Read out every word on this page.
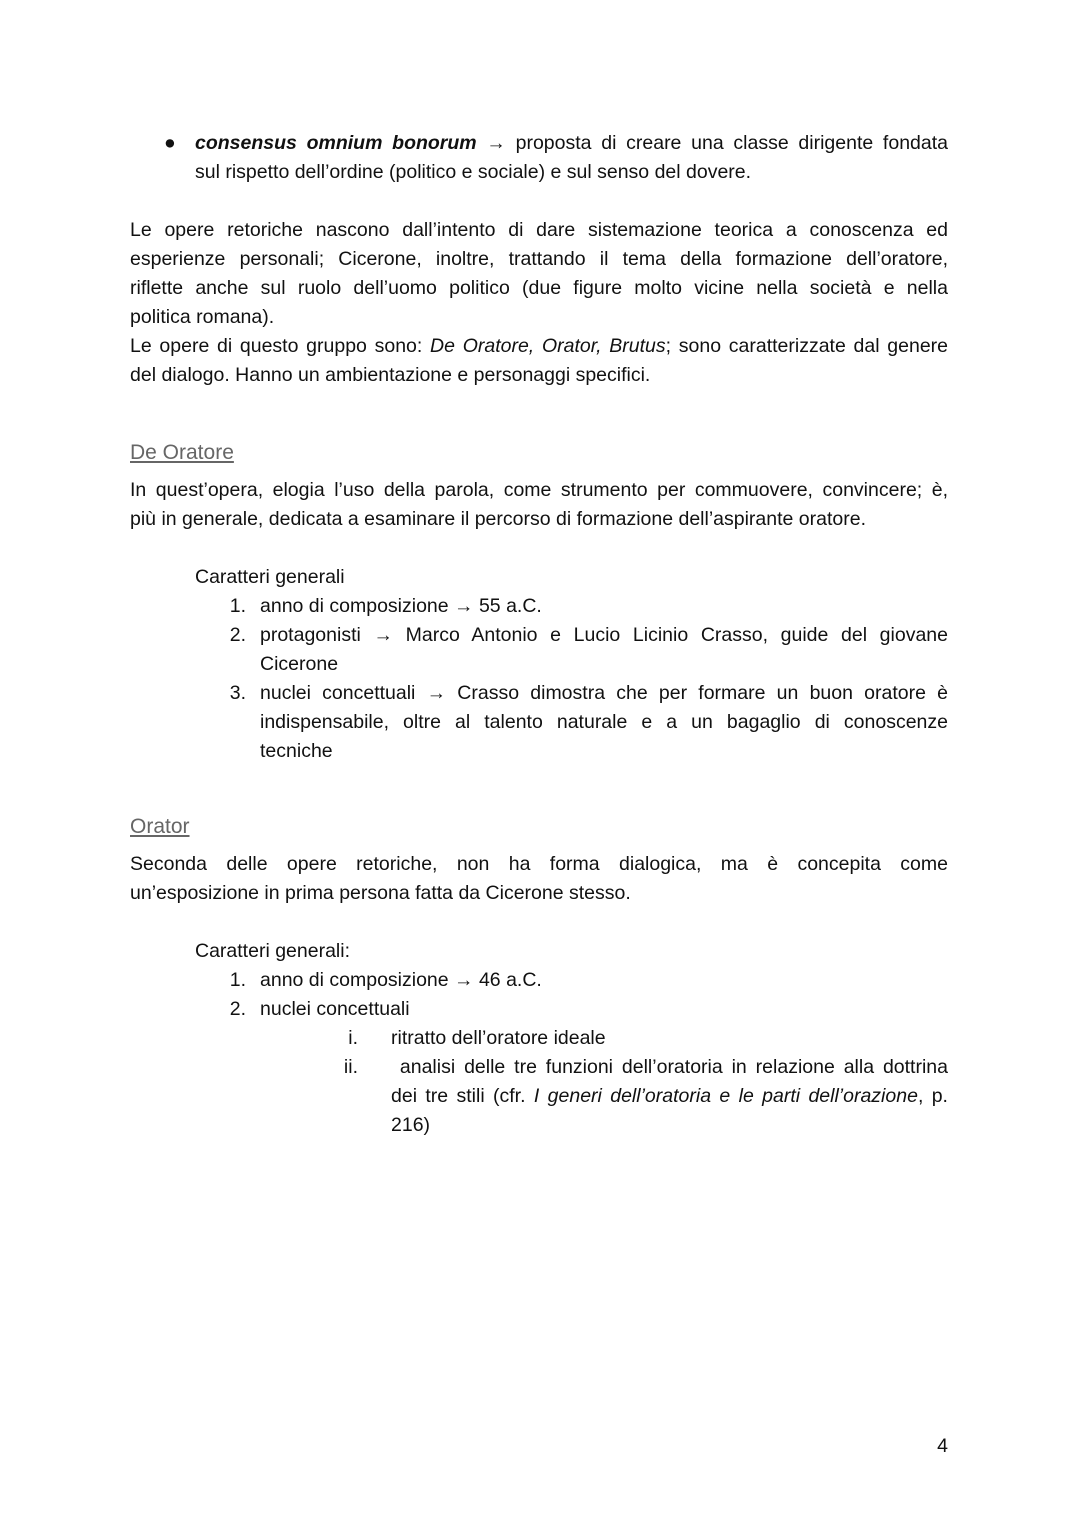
● consensus omnium bonorum → proposta di creare una classe dirigente fondata

sul rispetto dell’ordine (politico e sociale) e sul senso del dovere.

Le opere retoriche nascono dall’intento di dare sistemazione teorica a conoscenza ed

esperienze personali; Cicerone, inoltre, trattando il tema della formazione dell’oratore,

riflette anche sul ruolo dell’uomo politico (due figure molto vicine nella società e nella

politica romana).

Le opere di questo gruppo sono: De Oratore, Orator, Brutus; sono caratterizzate dal genere

del dialogo. Hanno un ambientazione e personaggi specifici.

De Oratore

In quest’opera, elogia l’uso della parola, come strumento per commuovere, convincere; è,

più in generale, dedicata a esaminare il percorso di formazione dell’aspirante oratore.

Caratteri generali
1. anno di composizione → 55 a.C.

2. protagonisti → Marco Antonio e Lucio Licinio Crasso, guide del giovane

Cicerone

3. nuclei concettuali → Crasso dimostra che per formare un buon oratore è

indispensabile, oltre al talento naturale e a un bagaglio di conoscenze

tecniche

Orator

Seconda delle opere retoriche, non ha forma dialogica, ma è concepita come

un’esposizione in prima persona fatta da Cicerone stesso.

Caratteri generali:
1. anno di composizione → 46 a.C.

2. nuclei concettuali

i. ritratto dell’oratore ideale

ii. analisi delle tre funzioni dell’oratoria in relazione alla dottrina

dei tre stili (cfr. I generi dell’oratoria e le parti dell’orazione, p.

216)

4
